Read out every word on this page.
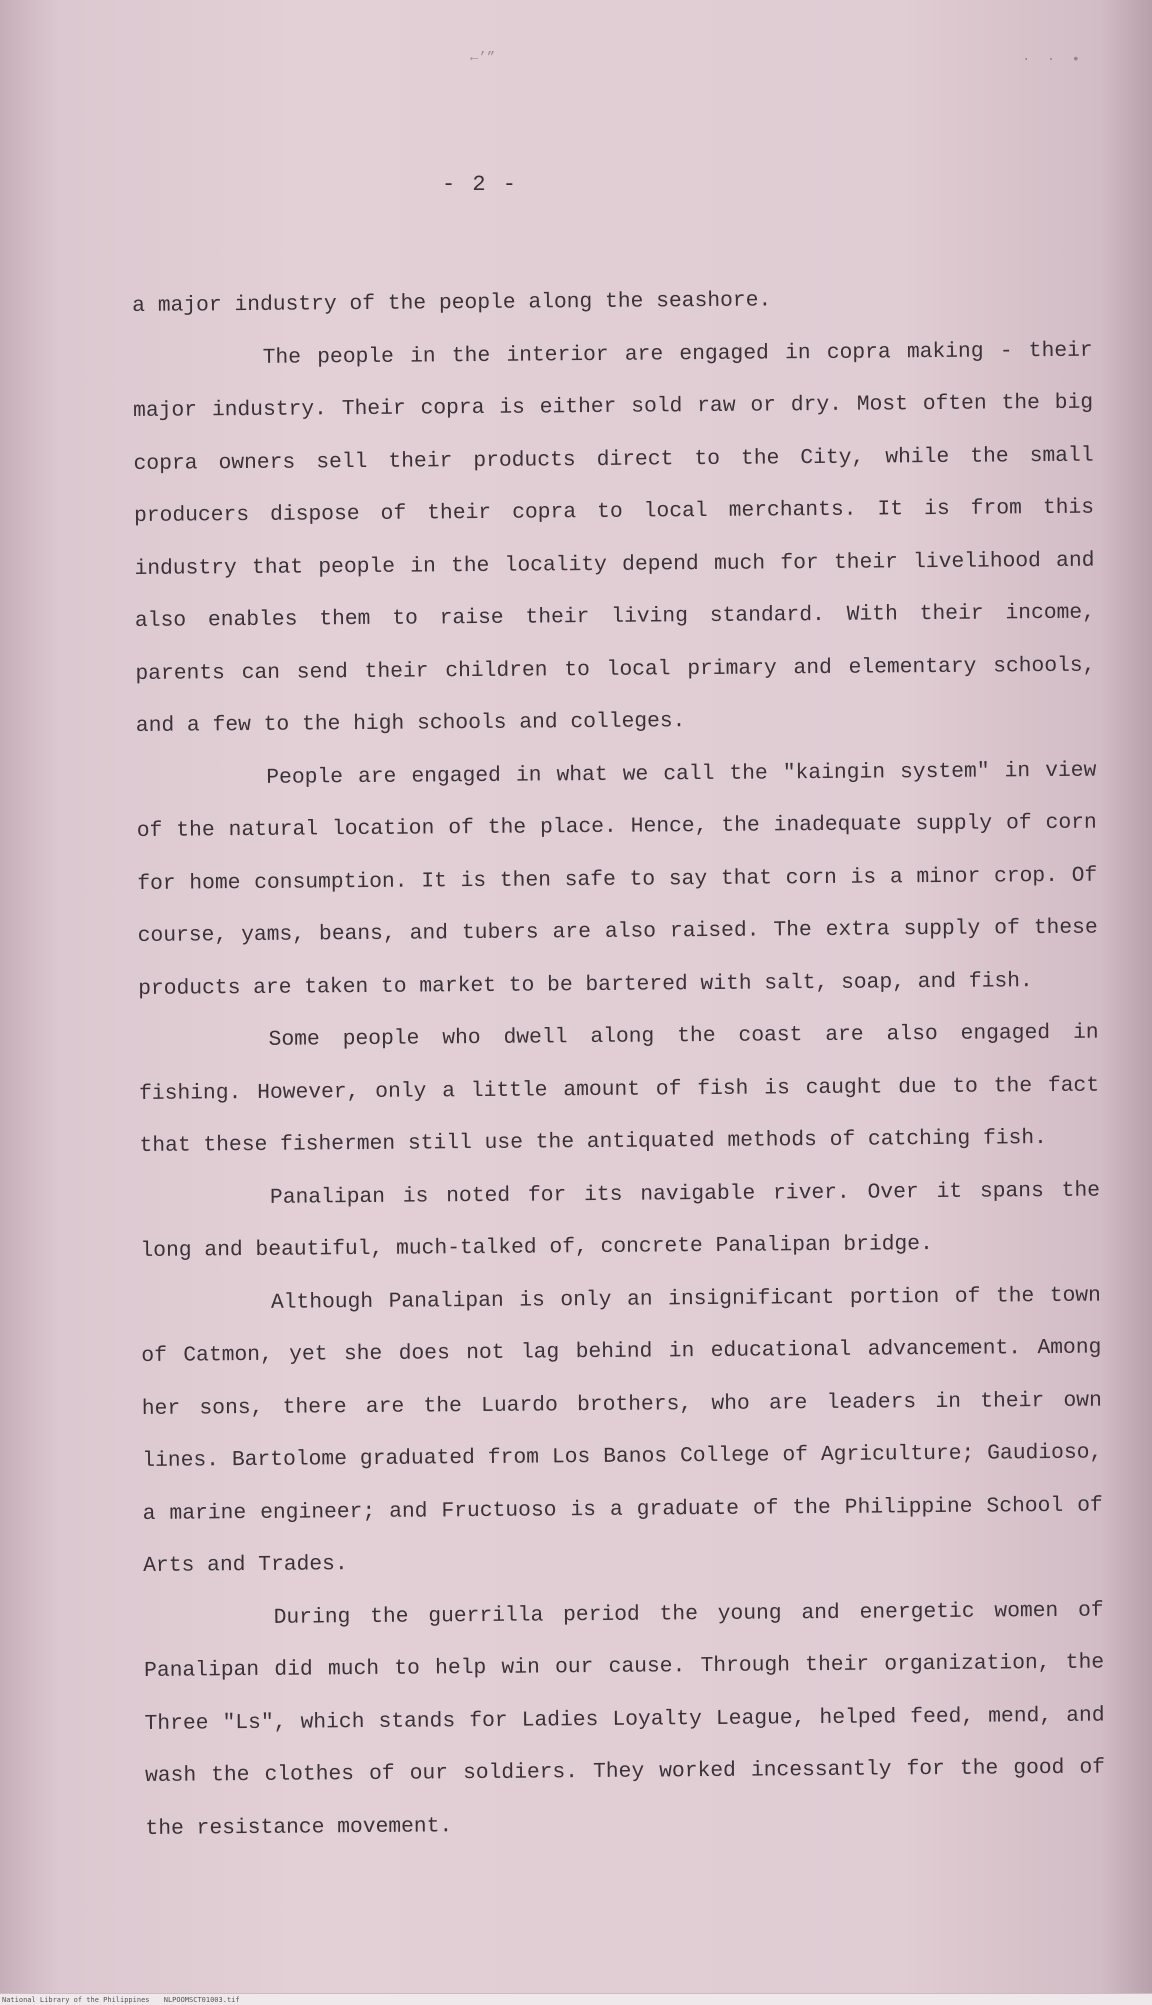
←’”	· · •
- 2 -

a major industry of the people along the seashore.

The people in the interior are engaged in copra making - their major industry. Their copra is either sold raw or dry. Most often the big copra owners sell their products direct to the City, while the small producers dispose of their copra to local merchants. It is from this industry that people in the locality depend much for their livelihood and also enables them to raise their living standard. With their income, parents can send their children to local primary and elementary schools, and a few to the high schools and colleges.

People are engaged in what we call the "kaingin system" in view of the natural location of the place. Hence, the inadequate supply of corn for home consumption. It is then safe to say that corn is a minor crop. Of course, yams, beans, and tubers are also raised. The extra supply of these products are taken to market to be bartered with salt, soap, and fish.

Some people who dwell along the coast are also engaged in fishing. However, only a little amount of fish is caught due to the fact that these fishermen still use the antiquated methods of catching fish.

Panalipan is noted for its navigable river. Over it spans the long and beautiful, much-talked of, concrete Panalipan bridge.

Although Panalipan is only an insignificant portion of the town of Catmon, yet she does not lag behind in educational advancement. Among her sons, there are the Luardo brothers, who are leaders in their own lines. Bartolome graduated from Los Banos College of Agriculture; Gaudioso, a marine engineer; and Fructuoso is a graduate of the Philippine School of Arts and Trades.

During the guerrilla period the young and energetic women of Panalipan did much to help win our cause. Through their organization, the Three "Ls", which stands for Ladies Loyalty League, helped feed, mend, and wash the clothes of our soldiers. They worked incessantly for the good of the resistance movement.

National Library of the Philippines NLPOOMSCT01003.tif
